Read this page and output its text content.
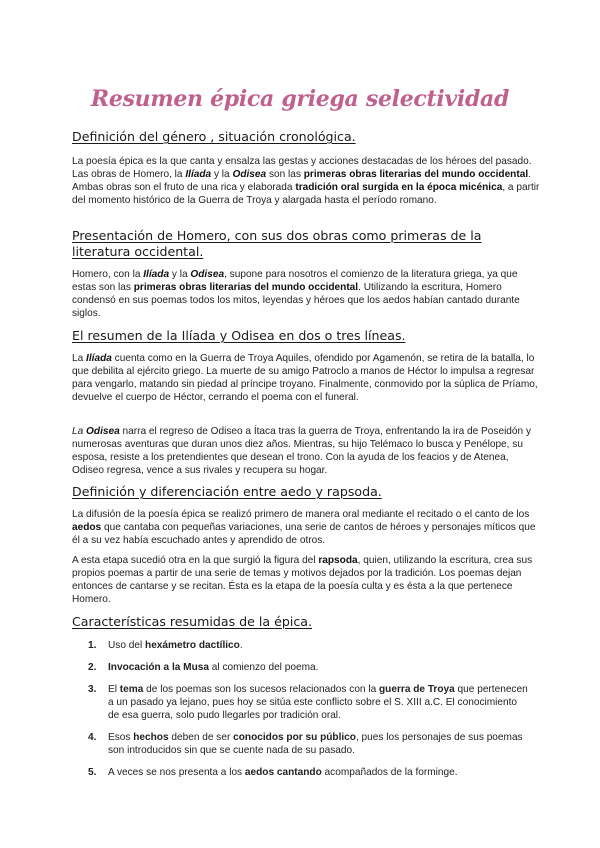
Resumen épica griega selectividad
Definición del género , situación cronológica.

La poesía épica es la que canta y ensalza las gestas y acciones destacadas de los héroes del pasado. Las obras de Homero, la Ilíada y la Odisea son las primeras obras literarias del mundo occidental. Ambas obras son el fruto de una rica y elaborada tradición oral surgida en la época micénica, a partir del momento histórico de la Guerra de Troya y alargada hasta el período romano.

Presentación de Homero, con sus dos obras como primeras de la literatura occidental.

Homero, con la Ilíada y la Odisea, supone para nosotros el comienzo de la literatura griega, ya que estas son las primeras obras literarias del mundo occidental. Utilizando la escritura, Homero condensó en sus poemas todos los mitos, leyendas y héroes que los aedos habían cantado durante siglos.

El resumen de la Ilíada y Odisea en dos o tres líneas.

La Ilíada cuenta como en la Guerra de Troya Aquiles, ofendido por Agamenón, se retira de la batalla, lo que debilita al ejército griego. La muerte de su amigo Patroclo a manos de Héctor lo impulsa a regresar para vengarlo, matando sin piedad al príncipe troyano. Finalmente, conmovido por la súplica de Príamo, devuelve el cuerpo de Héctor, cerrando el poema con el funeral.

La Odisea narra el regreso de Odiseo a Ítaca tras la guerra de Troya, enfrentando la ira de Poseidón y numerosas aventuras que duran unos diez años. Mientras, su hijo Telémaco lo busca y Penélope, su esposa, resiste a los pretendientes que desean el trono. Con la ayuda de los feacios y de Atenea, Odiseo regresa, vence a sus rivales y recupera su hogar.

Definición y diferenciación entre aedo y rapsoda.

La difusión de la poesía épica se realizó primero de manera oral mediante el recitado o el canto de los aedos que cantaba con pequeñas variaciones, una serie de cantos de héroes y personajes míticos que él a su vez había escuchado antes y aprendido de otros.

A esta etapa sucedió otra en la que surgió la figura del rapsoda, quien, utilizando la escritura, crea sus propios poemas a partir de una serie de temas y motivos dejados por la tradición. Los poemas dejan entonces de cantarse y se recitan. Ésta es la etapa de la poesía culta y es ésta a la que pertenece Homero.

Características resumidas de la épica.
1. Uso del hexámetro dactílico.
2. Invocación a la Musa al comienzo del poema.
3. El tema de los poemas son los sucesos relacionados con la guerra de Troya que pertenecen a un pasado ya lejano, pues hoy se sitúa este conflicto sobre el S. XIII a.C. El conocimiento de esa guerra, solo pudo llegarles por tradición oral.
4. Esos hechos deben de ser conocidos por su público, pues los personajes de sus poemas son introducidos sin que se cuente nada de su pasado.
5. A veces se nos presenta a los aedos cantando acompañados de la forminge.
